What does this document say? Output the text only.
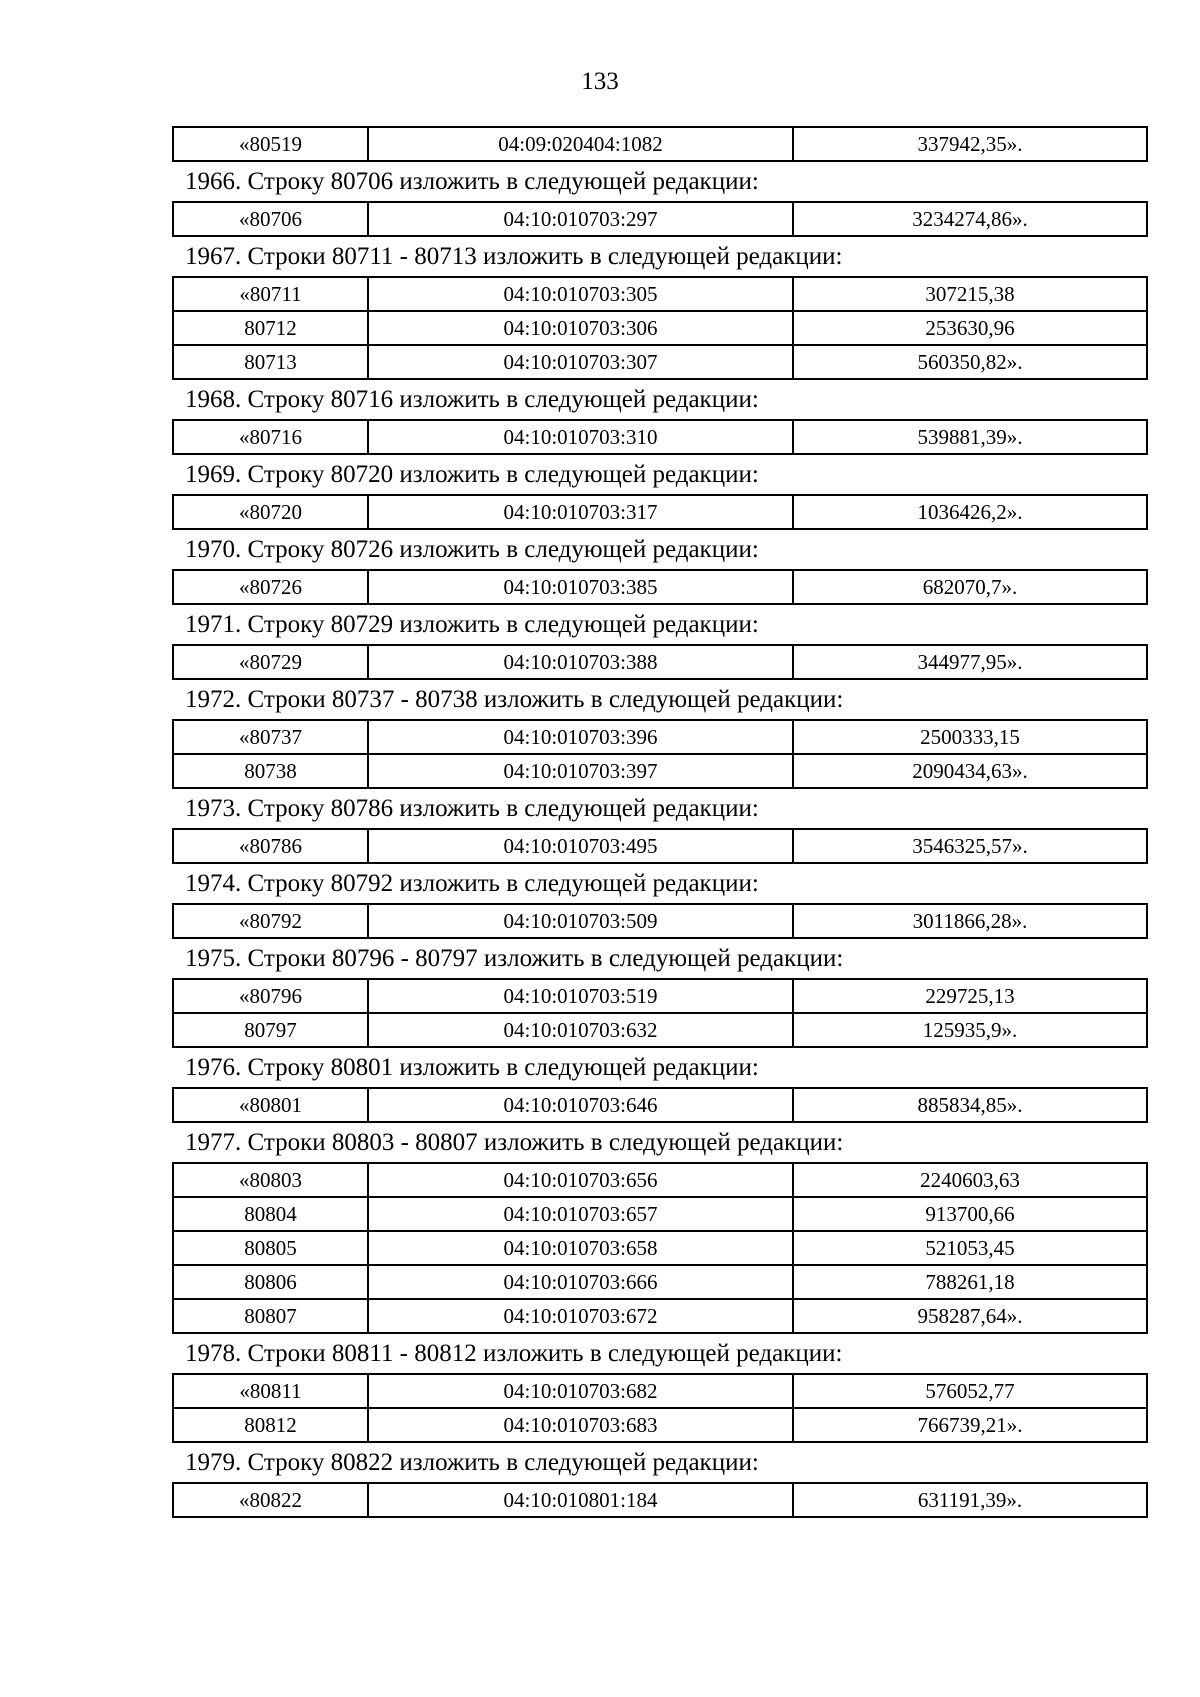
133
«80519	04:09:020404:1082	337942,35».
1966. Строку 80706 изложить в следующей редакции:
«80706	04:10:010703:297	3234274,86».
1967. Строки 80711 - 80713 изложить в следующей редакции:
«80711	04:10:010703:305	307215,38
80712	04:10:010703:306	253630,96
80713	04:10:010703:307	560350,82».
1968. Строку 80716 изложить в следующей редакции:
«80716	04:10:010703:310	539881,39».
1969. Строку 80720 изложить в следующей редакции:
«80720	04:10:010703:317	1036426,2».
1970. Строку 80726 изложить в следующей редакции:
«80726	04:10:010703:385	682070,7».
1971. Строку 80729 изложить в следующей редакции:
«80729	04:10:010703:388	344977,95».
1972. Строки 80737 - 80738 изложить в следующей редакции:
«80737	04:10:010703:396	2500333,15
80738	04:10:010703:397	2090434,63».
1973. Строку 80786 изложить в следующей редакции:
«80786	04:10:010703:495	3546325,57».
1974. Строку 80792 изложить в следующей редакции:
«80792	04:10:010703:509	3011866,28».
1975. Строки 80796 - 80797 изложить в следующей редакции:
«80796	04:10:010703:519	229725,13
80797	04:10:010703:632	125935,9».
1976. Строку 80801 изложить в следующей редакции:
«80801	04:10:010703:646	885834,85».
1977. Строки 80803 - 80807 изложить в следующей редакции:
«80803	04:10:010703:656	2240603,63
80804	04:10:010703:657	913700,66
80805	04:10:010703:658	521053,45
80806	04:10:010703:666	788261,18
80807	04:10:010703:672	958287,64».
1978. Строки 80811 - 80812 изложить в следующей редакции:
«80811	04:10:010703:682	576052,77
80812	04:10:010703:683	766739,21».
1979. Строку 80822 изложить в следующей редакции:
«80822	04:10:010801:184	631191,39».
